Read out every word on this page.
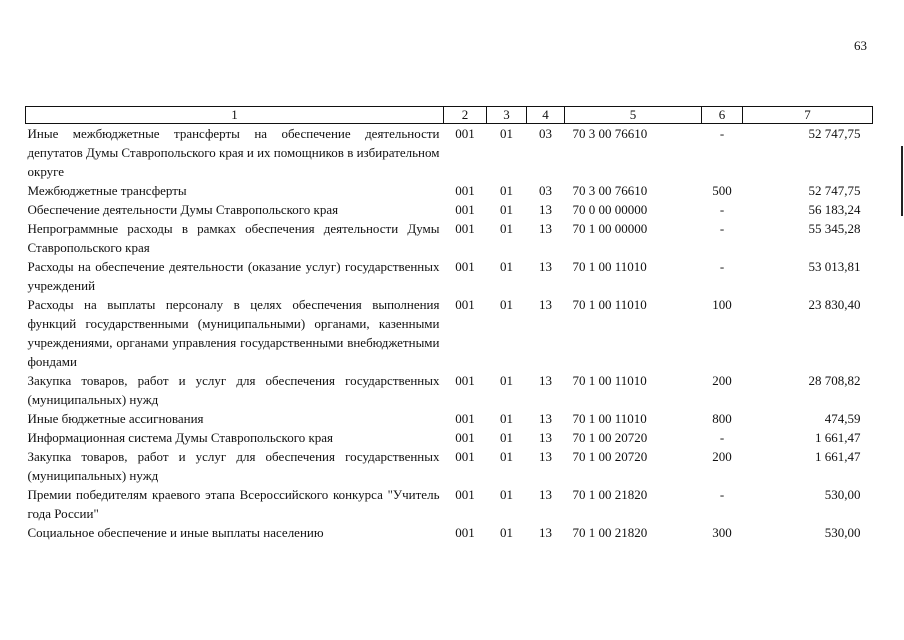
63
1	2	3	4	5	6	7
Иные межбюджетные трансферты на обеспечение деятельности депутатов Думы Ставропольского края и их помощников в избирательном округе	001	01	03	70 3 00 76610	-	52 747,75
Межбюджетные трансферты	001	01	03	70 3 00 76610	500	52 747,75
Обеспечение деятельности Думы Ставропольского края	001	01	13	70 0 00 00000	-	56 183,24
Непрограммные расходы в рамках обеспечения деятельности Думы Ставропольского края	001	01	13	70 1 00 00000	-	55 345,28
Расходы на обеспечение деятельности (оказание услуг) государственных учреждений	001	01	13	70 1 00 11010	-	53 013,81
Расходы на выплаты персоналу в целях обеспечения выполнения функций государственными (муниципальными) органами, казенными учреждениями, органами управления государственными внебюджетными фондами	001	01	13	70 1 00 11010	100	23 830,40
Закупка товаров, работ и услуг для обеспечения государственных (муниципальных) нужд	001	01	13	70 1 00 11010	200	28 708,82
Иные бюджетные ассигнования	001	01	13	70 1 00 11010	800	474,59
Информационная система Думы Ставропольского края	001	01	13	70 1 00 20720	-	1 661,47
Закупка товаров, работ и услуг для обеспечения государственных (муниципальных) нужд	001	01	13	70 1 00 20720	200	1 661,47
Премии победителям краевого этапа Всероссийского конкурса "Учитель года России"	001	01	13	70 1 00 21820	-	530,00
Социальное обеспечение и иные выплаты населению	001	01	13	70 1 00 21820	300	530,00
